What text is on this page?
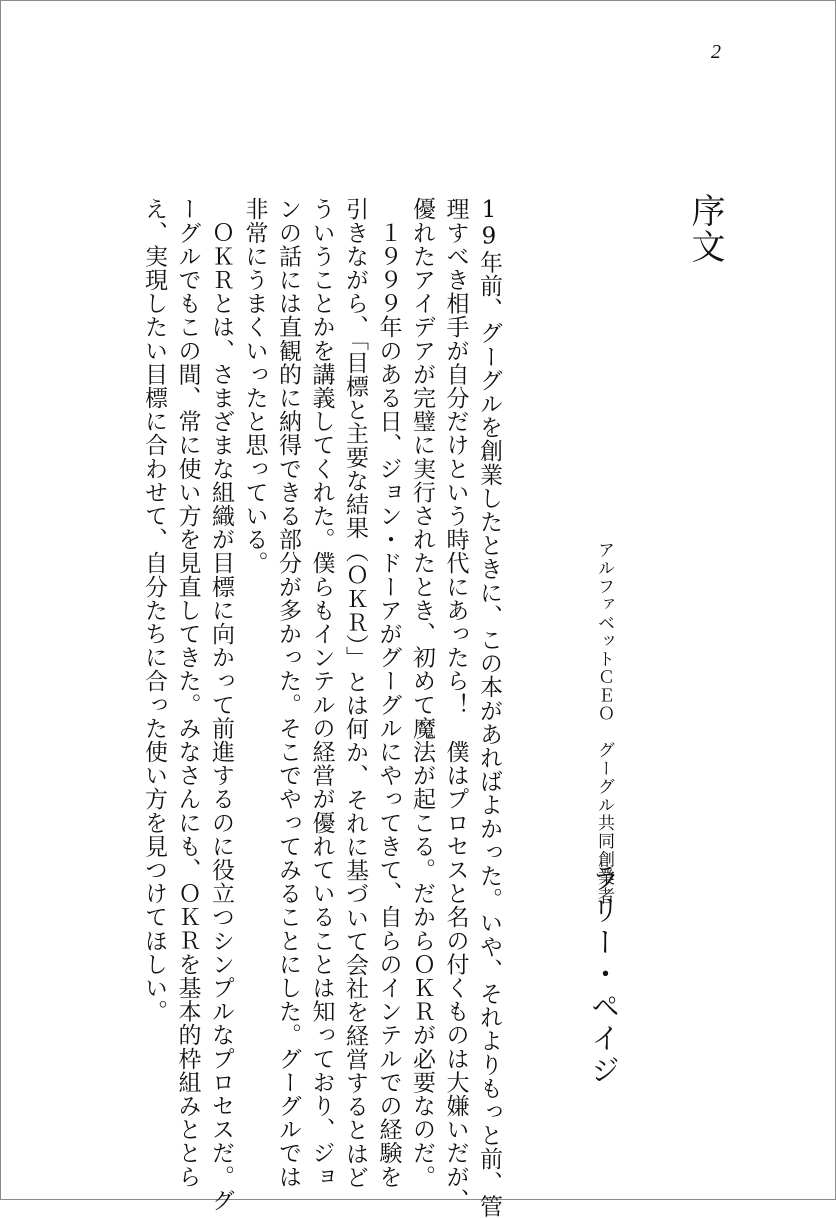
2
序文
アルファベットＣＥＯ　グーグル共同創業者
ラリー・ペイジ
19年前、グーグルを創業したときに、この本があればよかった。いや、それよりもっと前、管
理すべき相手が自分だけという時代にあったら！　僕はプロセスと名の付くものは大嫌いだが、
優れたアイデアが完璧に実行されたとき、初めて魔法が起こる。だからＯＫＲが必要なのだ。
　１９９９年のある日、ジョン・ドーアがグーグルにやってきて、自らのインテルでの経験を
引きながら、「目標と主要な結果（ＯＫＲ）」とは何か、それに基づいて会社を経営するとはど
ういうことかを講義してくれた。僕らもインテルの経営が優れていることは知っており、ジョ
ンの話には直観的に納得できる部分が多かった。そこでやってみることにした。グーグルでは
非常にうまくいったと思っている。
　ＯＫＲとは、さまざまな組織が目標に向かって前進するのに役立つシンプルなプロセスだ。グ
ーグルでもこの間、常に使い方を見直してきた。みなさんにも、ＯＫＲを基本的枠組みととら
え、実現したい目標に合わせて、自分たちに合った使い方を見つけてほしい。
